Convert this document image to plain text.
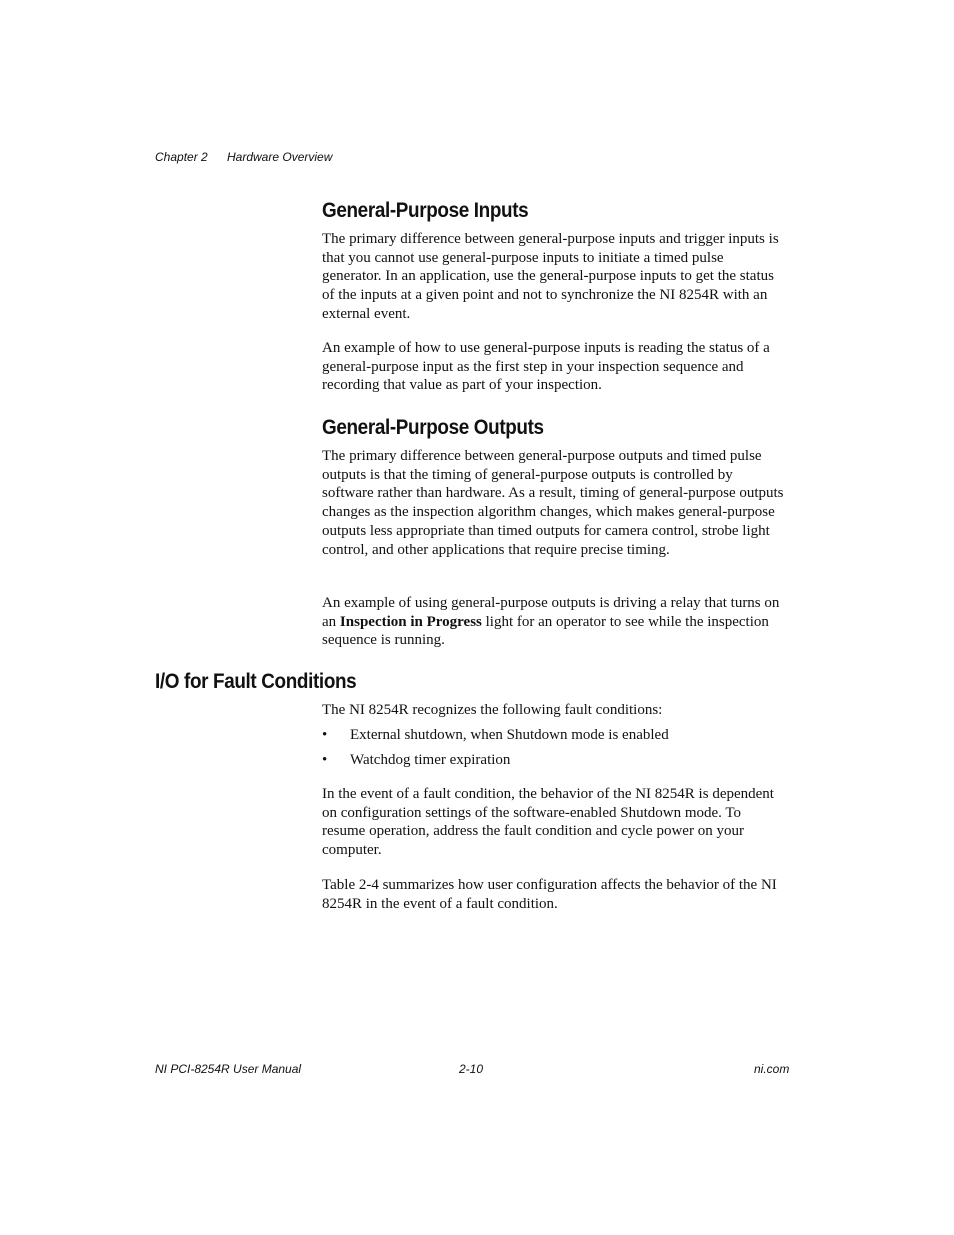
Chapter 2 Hardware Overview
General-Purpose Inputs

The primary difference between general-purpose inputs and trigger inputs is that you cannot use general-purpose inputs to initiate a timed pulse generator. In an application, use the general-purpose inputs to get the status of the inputs at a given point and not to synchronize the NI 8254R with an external event.

An example of how to use general-purpose inputs is reading the status of a general-purpose input as the first step in your inspection sequence and recording that value as part of your inspection.

General-Purpose Outputs

The primary difference between general-purpose outputs and timed pulse outputs is that the timing of general-purpose outputs is controlled by software rather than hardware. As a result, timing of general-purpose outputs changes as the inspection algorithm changes, which makes general-purpose outputs less appropriate than timed outputs for camera control, strobe light control, and other applications that require precise timing.

An example of using general-purpose outputs is driving a relay that turns on an Inspection in Progress light for an operator to see while the inspection sequence is running.

I/O for Fault Conditions

The NI 8254R recognizes the following fault conditions:

• External shutdown, when Shutdown mode is enabled
• Watchdog timer expiration

In the event of a fault condition, the behavior of the NI 8254R is dependent on configuration settings of the software-enabled Shutdown mode. To resume operation, address the fault condition and cycle power on your computer.

Table 2-4 summarizes how user configuration affects the behavior of the NI 8254R in the event of a fault condition.

NI PCI-8254R User Manual	2-10	ni.com
